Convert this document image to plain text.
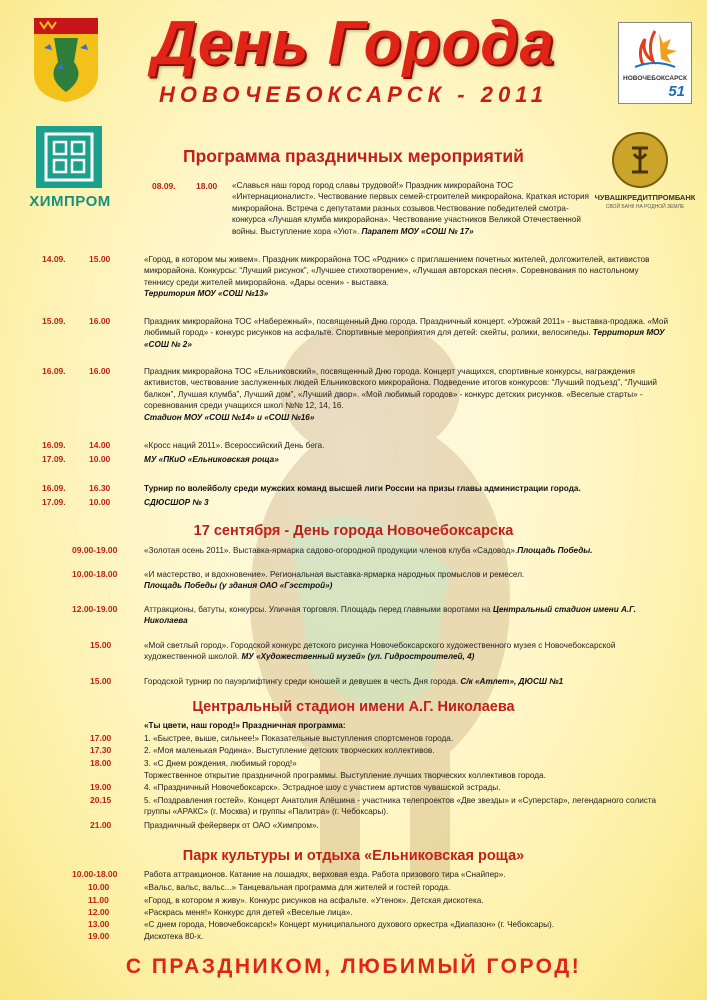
День Города
НОВОЧЕБОКСАРСК - 2011
НОВОЧЕБОКСАРСК
51
ХИМПРОМ	ЧУВАШКРЕДИТПРОМБАНК
СВОЙ БАНК НА РОДНОЙ ЗЕМЛЕ
Программа праздничных мероприятий
08.09. 18.00 «Славься наш город город славы трудовой!» Праздник микрорайона ТОС «Интернационалист». Чествование первых семей-строителей микрорайона. Краткая история микрорайона. Встреча с депутатами разных созывов.Чествование победителей смотра-конкурса «Лучшая клумба микрорайона». Чествование участников Великой Отечественной войны. Выступление хора «Уют». Парапет МОУ «СОШ № 17»
14.09.	15.00	«Город, в котором мы живем». Праздник микрорайона ТОС «Родник» с приглашением почетных жителей, долгожителей, активистов микрорайона. Конкурсы: “Лучший рисунок”, «Лучшее стихотворение», «Лучшая авторская песня». Соревнования по настольному теннису среди жителей микрорайона. «Дары осени» - выставка.
Территория МОУ «СОШ №13»
15.09.	16.00	Праздник микрорайона ТОС «Набережный», посвященный Дню города. Праздничный концерт. «Урожай 2011» - выставка-продажа. «Мой любимый город» - конкурс рисунков на асфальте. Спортивные мероприятия для детей: скейты, ролики, велосипеды. Территория МОУ «СОШ № 2»
16.09.	16.00	Праздник микрорайона ТОС «Ельниковский», посвященный Дню города. Концерт учащихся, спортивные конкурсы, награждения активистов, чествование заслуженных людей Ельниковского микрорайона. Подведение итогов конкурсов: “Лучший подъезд”, “Лучший балкон”, Лучшая клумба”, Лучший дом”, «Лучший двор». «Мой любимый городов» - конкурс детских рисунков. «Веселые старты» - соревнования среди учащихся школ №№ 12, 14, 16.
Стадион МОУ «СОШ №14» и «СОШ №16»
16.09.	14.00	«Кросс наций 2011». Всероссийский День бега.
17.09.	10.00	МУ «ПКиО «Ельниковская роща»
16.09.	16.30	Турнир по волейболу среди мужских команд высшей лиги России на призы главы администрации города.
17.09.	10.00	СДЮСШОР № 3
17 сентября - День города Новочебоксарска
09.00-19.00	«Золотая осень 2011». Выставка-ярмарка садово-огородной продукции членов клуба «Садовод».Площадь Победы.
10.00-18.00	«И мастерство, и вдохновение». Региональная выставка-ярмарка народных промыслов и ремесел.
Площадь Победы (у здания ОАО «Гэсстрой»)
12.00-19.00	Аттракционы, батуты, конкурсы. Уличная торговля. Площадь перед главными воротами на Центральный стадион имени А.Г. Николаева
15.00	«Мой светлый город». Городской конкурс детского рисунка Новочебоксарского художественного музея с Новочебоксарской художественной школой. МУ «Художественный музей» (ул. Гидростроителей, 4)
15.00	Городской турнир по пауэрлифтингу среди юношей и девушек в честь Дня города. С/к «Атлет», ДЮСШ №1
Центральный стадион имени А.Г. Николаева
«Ты цвети, наш город!» Праздничная программа:
17.00	1. «Быстрее, выше, сильнее!» Показательные выступления спортсменов города.
17.30	2. «Моя маленькая Родина». Выступление детских творческих коллективов.
18.00	3. «С Днем рождения, любимый город!»
Торжественное открытие праздничной программы. Выступление лучших творческих коллективов города.
19.00	4. «Праздничный Новочебоксарск». Эстрадное шоу с участием артистов чувашской эстрады.
20.15	5. «Поздравления гостей». Концерт Анатолия Алёшина - участника телепроектов «Две звезды» и «Суперстар», легендарного солиста группы «АРАКС» (г. Москва) и группы «Палитра» (г. Чебоксары).
21.00	Праздничный фейерверк от ОАО «Химпром».
Парк культуры и отдыха «Ельниковская роща»
10.00-18.00	Работа аттракционов. Катание на лошадях, верховая езда. Работа призового тира «Снайпер».
10.00	«Вальс, вальс, вальс...» Танцевальная программа для жителей и гостей города.
11.00	«Город, в котором я живу». Конкурс рисунков на асфальте. «Утенок». Детская дискотека.
12.00	«Раскрась меня!» Конкурс для детей «Веселые лица».
13.00	«С днем города, Новочебоксарск!» Концерт муниципального духового оркестра «Диапазон» (г. Чебоксары).
19.00	Дискотека 80-х.
С ПРАЗДНИКОМ, ЛЮБИМЫЙ ГОРОД!
